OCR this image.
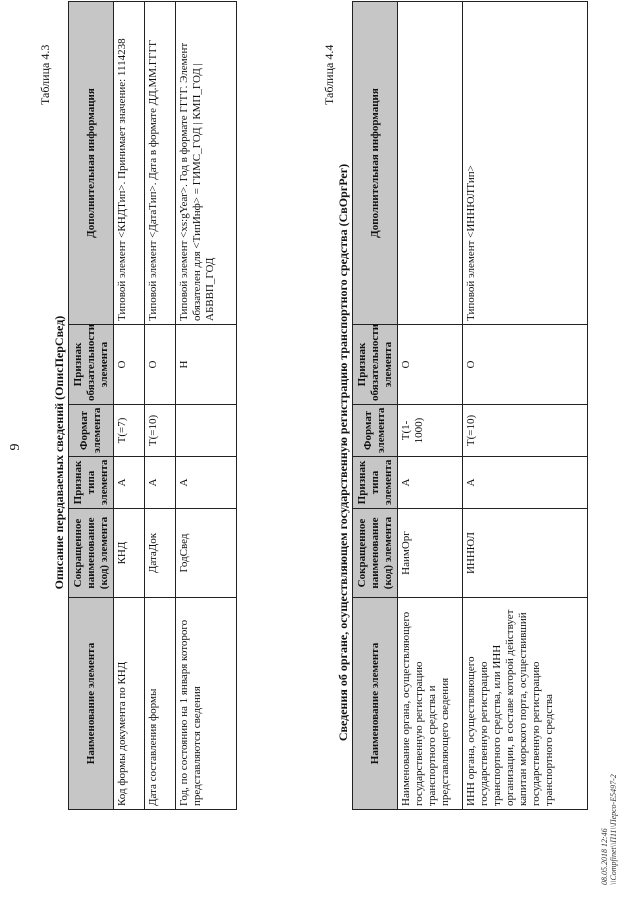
9
Таблица 4.3
Описание передаваемых сведений (ОписПерСвед)
Наименование элемента	Сокращенное наименование (код) элемента	Признак типа элемента	Формат элемента	Признак обязательности элемента	Дополнительная информация
Код формы документа по КНД	КНД	А	Т(=7)	О	Типовой элемент <КНДТип>. Принимает значение: 1114238
Дата составления формы	ДатаДок	А	Т(=10)	О	Типовой элемент <ДатаТип>. Дата в формате ДД.ММ.ГГГГ
Год, по состоянию на 1 января которого представляются сведения	ГодСвед	А		Н	Типовой элемент <xs:gYear>. Год в формате ГГГГ. Элемент обязателен для <ТипИнф> = ГИМС_ГОД | КМП_ГОД | АБВВП_ГОД
Таблица 4.4
Сведения об органе, осуществляющем государственную регистрацию транспортного средства (СвОргРег) Наименование элемента	Сокращенное наименование (код) элемента	Признак типа элемента	Формат элемента	Признак обязательности элемента	Дополнительная информация
Наименование органа, осуществляющего государственную регистрацию транспортного средства и представляющего сведения	НаимОрг	А	Т(1-1000)	О	
ИНН органа, осуществляющего государственную регистрацию транспортного средства, или ИНН организации, в составе которой действует капитан морского порта, осуществивший государственную регистрацию транспортного средства	ИННЮЛ	А	Т(=10)	О	Типовой элемент <ИННЮЛТип>
08.05.2018 12:46 \\Compfinet\\П11\\Персо-Е5497-2
